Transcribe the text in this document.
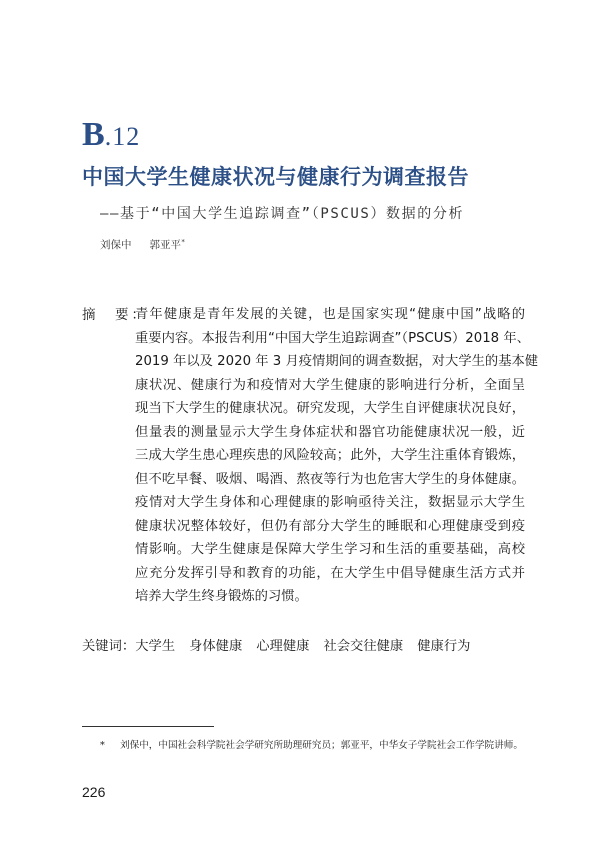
B.12
中国大学生健康状况与健康行为调查报告
——基于“中国大学生追踪调查”（PSCUS）数据的分析
刘保中 郭亚平*
摘　要：
青年健康是青年发展的关键，也是国家实现“健康中国”战略的
重要内容。本报告利用“中国大学生追踪调查”（PSCUS）2018 年、
2019 年以及 2020 年 3 月疫情期间的调查数据，对大学生的基本健
康状况、健康行为和疫情对大学生健康的影响进行分析，全面呈
现当下大学生的健康状况。研究发现，大学生自评健康状况良好，
但量表的测量显示大学生身体症状和器官功能健康状况一般，近
三成大学生患心理疾患的风险较高；此外，大学生注重体育锻炼，
但不吃早餐、吸烟、喝酒、熬夜等行为也危害大学生的身体健康。
疫情对大学生身体和心理健康的影响亟待关注，数据显示大学生
健康状况整体较好，但仍有部分大学生的睡眠和心理健康受到疫
情影响。大学生健康是保障大学生学习和生活的重要基础，高校
应充分发挥引导和教育的功能，在大学生中倡导健康生活方式并
培养大学生终身锻炼的习惯。
关键词：大学生 身体健康 心理健康 社会交往健康 健康行为
* 刘保中，中国社会科学院社会学研究所助理研究员；郭亚平，中华女子学院社会工作学院讲师。
226
